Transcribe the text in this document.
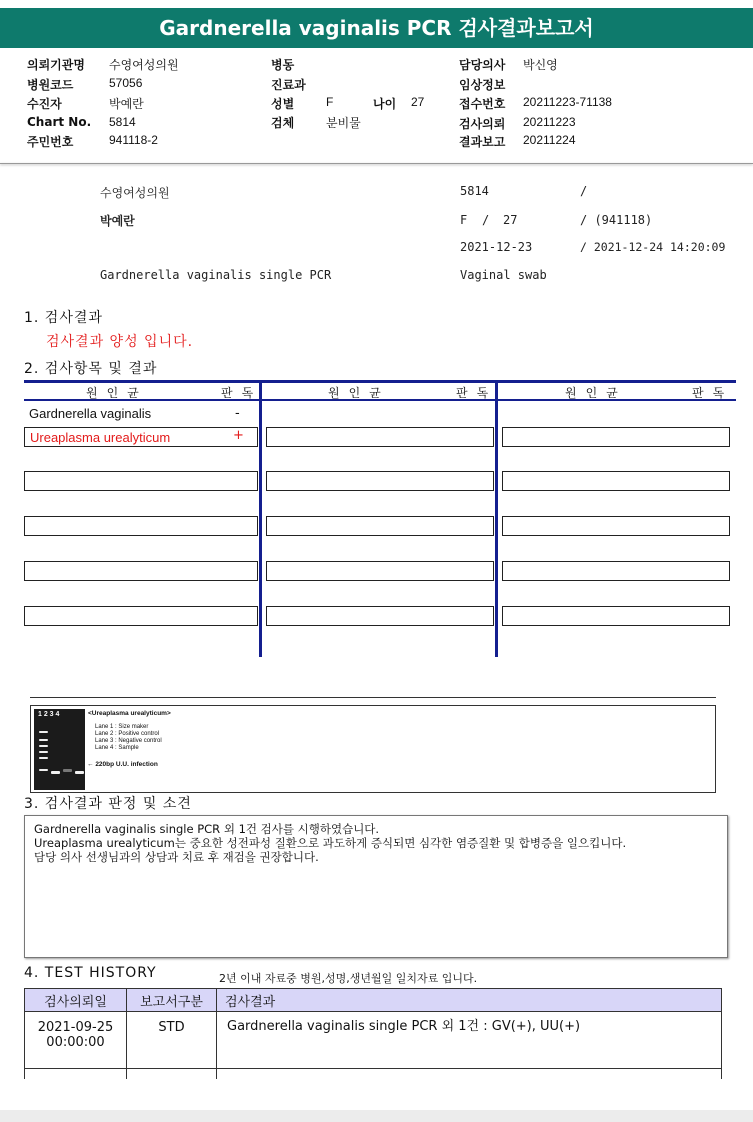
Gardnerella vaginalis PCR 검사결과보고서
의뢰기관명 수영여성의원
병원코드	57056
수진자	박예란
Chart No. 5814
주민번호	941118-2
병동
진료과
성별	F	나이 27
검체	분비물
담당의사 박신영
임상정보
접수번호 20211223-71138
검사의뢰 20211223
결과보고 20211224
수영여성의원	5814	/
박예란	F / 27	/ (941118)
2021-12-23	/ 2021-12-24 14:20:09
Gardnerella vaginalis single PCR	Vaginal swab
1. 검사결과
검사결과 양성 입니다.
2. 검사항목 및 결과
원인균	판독	원인균	판독	원인균	판독
Gardnerella vaginalis	-
Ureaplasma urealyticum	+
1 2 3 4	<Ureaplasma urealyticum>
Lane 1 : Size maker
Lane 2 : Positive control
Lane 3 : Negative control
Lane 4 : Sample
← 220bp U.U. infection
3. 검사결과 판정 및 소견
Gardnerella vaginalis single PCR 외 1건 검사를 시행하였습니다.
Ureaplasma urealyticum는 중요한 성전파성 질환으로 과도하게 증식되면 심각한 염증질환 및 합병증을 일으킵니다.
담당 의사 선생님과의 상담과 치료 후 재검을 권장합니다.
4. TEST HISTORY	2년 이내 자료중 병원,성명,생년월일 일치자료 입니다.
검사의뢰일	보고서구분	검사결과

2021-09-25
00:00:00	STD	Gardnerella vaginalis single PCR 외 1건 : GV(+), UU(+)
